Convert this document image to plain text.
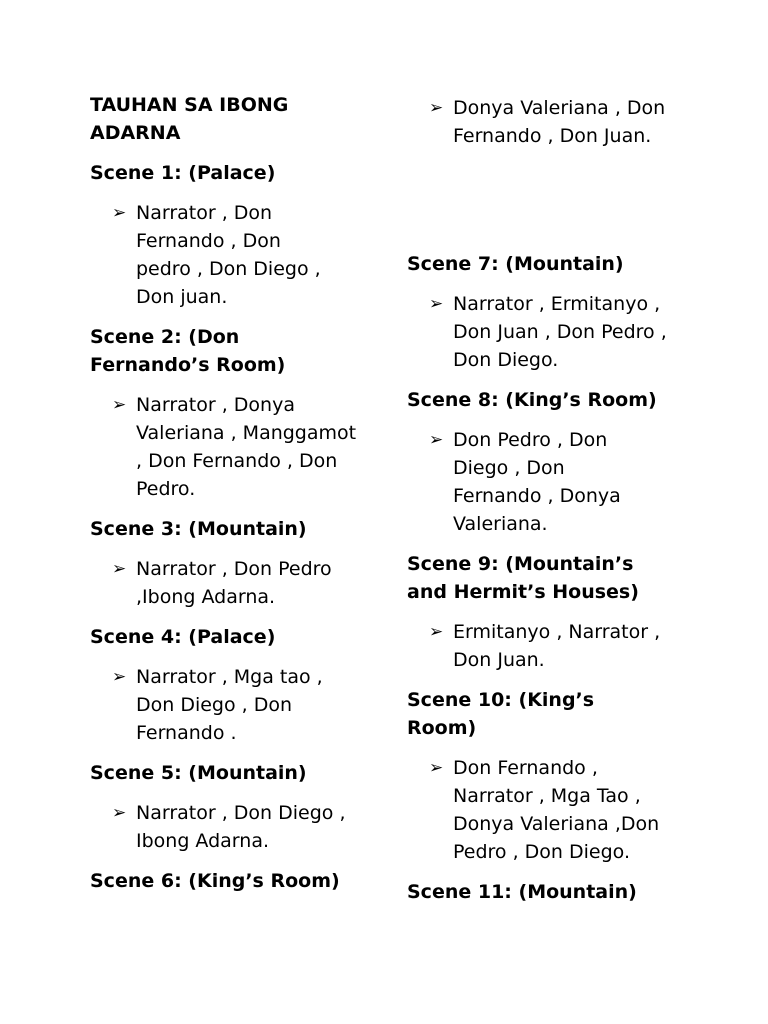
TAUHAN SA IBONG ADARNA

Scene 1: (Palace)

➢ Narrator , Don Fernando , Don pedro , Don Diego , Don juan.

Scene 2: (Don Fernando’s Room)

➢ Narrator , Donya Valeriana , Manggamot , Don Fernando , Don Pedro.

Scene 3: (Mountain)

➢ Narrator , Don Pedro ,Ibong Adarna.

Scene 4: (Palace)

➢ Narrator , Mga tao , Don Diego , Don Fernando .

Scene 5: (Mountain)

➢ Narrator , Don Diego , Ibong Adarna.

Scene 6: (King’s Room)

➢ Donya Valeriana , Don Fernando , Don Juan.

Scene 7: (Mountain)

➢ Narrator , Ermitanyo , Don Juan , Don Pedro , Don Diego.

Scene 8: (King’s Room)

➢ Don Pedro , Don Diego , Don Fernando , Donya Valeriana.

Scene 9: (Mountain’s and Hermit’s Houses)

➢ Ermitanyo , Narrator , Don Juan.

Scene 10: (King’s Room)

➢ Don Fernando , Narrator , Mga Tao , Donya Valeriana ,Don Pedro , Don Diego.

Scene 11: (Mountain)
